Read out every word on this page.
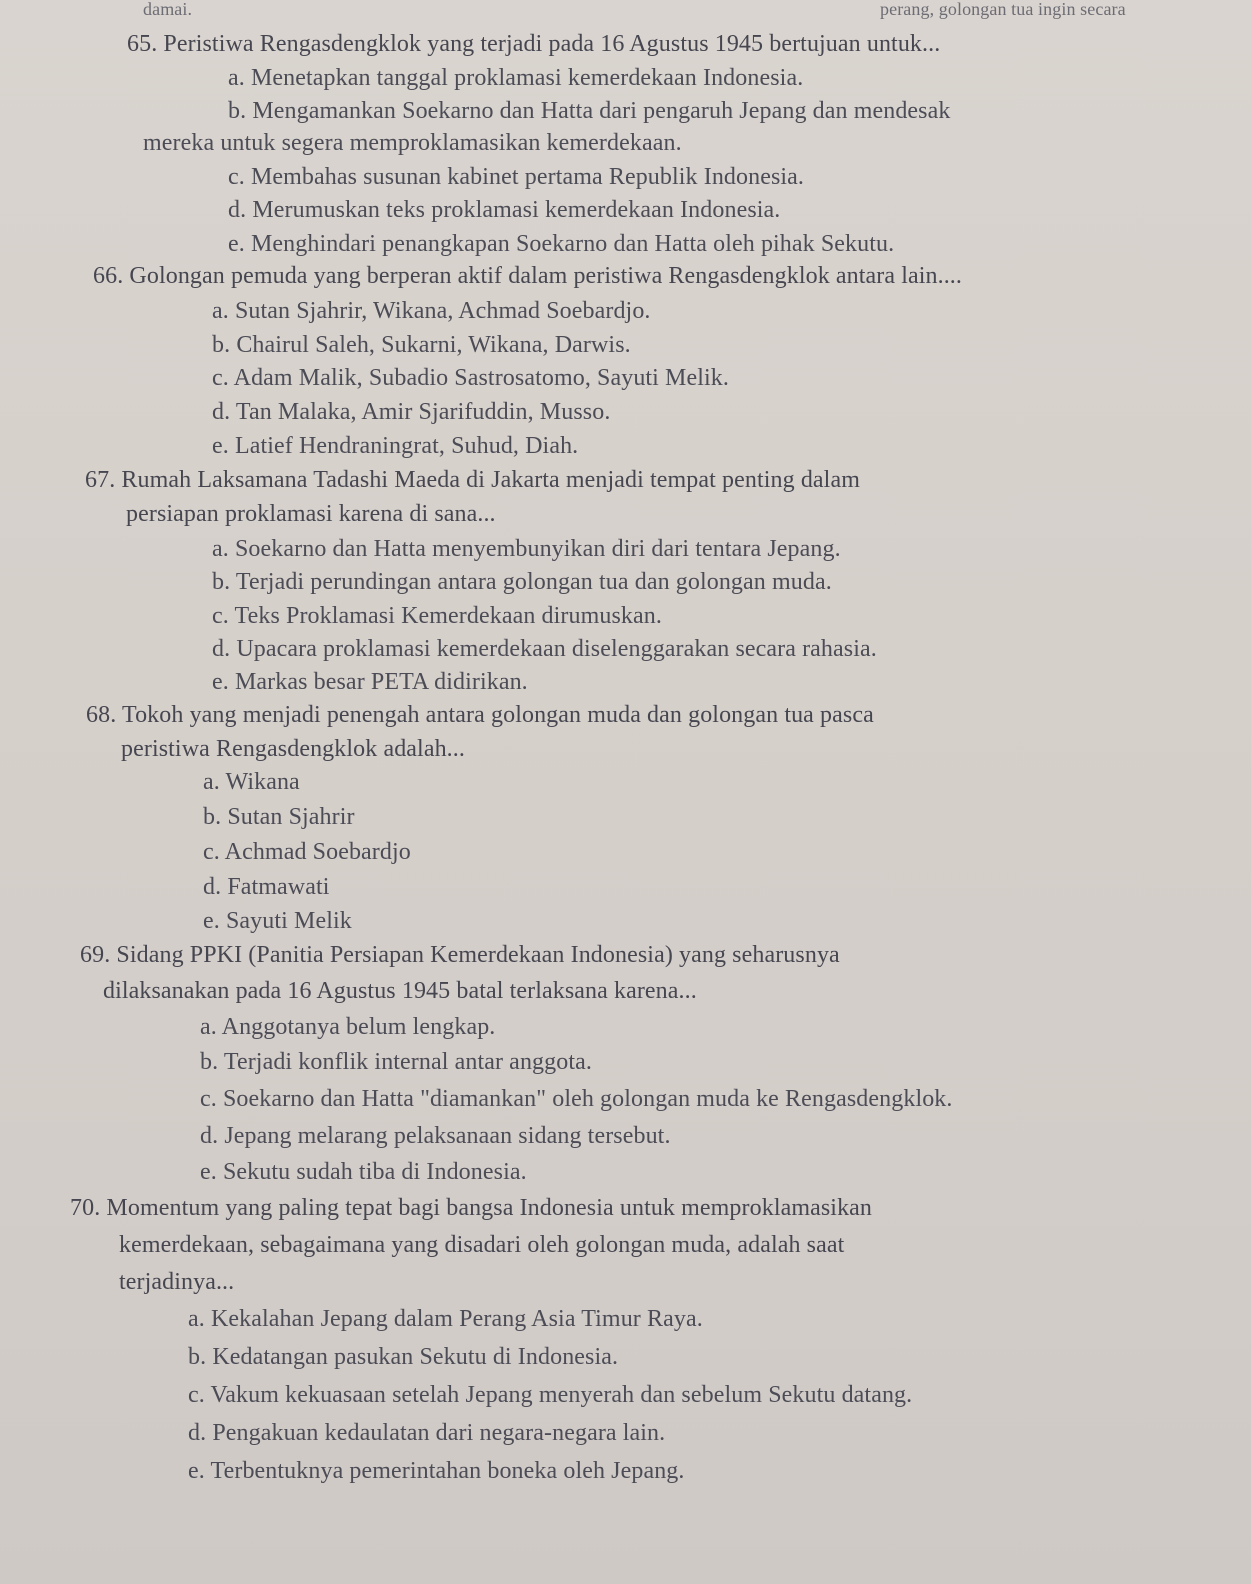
damai.	perang, golongan tua ingin secara
65. Peristiwa Rengasdengklok yang terjadi pada 16 Agustus 1945 bertujuan untuk...
a. Menetapkan tanggal proklamasi kemerdekaan Indonesia.
b. Mengamankan Soekarno dan Hatta dari pengaruh Jepang dan mendesak
mereka untuk segera memproklamasikan kemerdekaan.
c. Membahas susunan kabinet pertama Republik Indonesia.
d. Merumuskan teks proklamasi kemerdekaan Indonesia.
e. Menghindari penangkapan Soekarno dan Hatta oleh pihak Sekutu.
66. Golongan pemuda yang berperan aktif dalam peristiwa Rengasdengklok antara lain....
a. Sutan Sjahrir, Wikana, Achmad Soebardjo.
b. Chairul Saleh, Sukarni, Wikana, Darwis.
c. Adam Malik, Subadio Sastrosatomo, Sayuti Melik.
d. Tan Malaka, Amir Sjarifuddin, Musso.
e. Latief Hendraningrat, Suhud, Diah.
67. Rumah Laksamana Tadashi Maeda di Jakarta menjadi tempat penting dalam
persiapan proklamasi karena di sana...
a. Soekarno dan Hatta menyembunyikan diri dari tentara Jepang.
b. Terjadi perundingan antara golongan tua dan golongan muda.
c. Teks Proklamasi Kemerdekaan dirumuskan.
d. Upacara proklamasi kemerdekaan diselenggarakan secara rahasia.
e. Markas besar PETA didirikan.
68. Tokoh yang menjadi penengah antara golongan muda dan golongan tua pasca
peristiwa Rengasdengklok adalah...
a. Wikana
b. Sutan Sjahrir
c. Achmad Soebardjo
d. Fatmawati
e. Sayuti Melik
69. Sidang PPKI (Panitia Persiapan Kemerdekaan Indonesia) yang seharusnya
dilaksanakan pada 16 Agustus 1945 batal terlaksana karena...
a. Anggotanya belum lengkap.
b. Terjadi konflik internal antar anggota.
c. Soekarno dan Hatta "diamankan" oleh golongan muda ke Rengasdengklok.
d. Jepang melarang pelaksanaan sidang tersebut.
e. Sekutu sudah tiba di Indonesia.
70. Momentum yang paling tepat bagi bangsa Indonesia untuk memproklamasikan
kemerdekaan, sebagaimana yang disadari oleh golongan muda, adalah saat
terjadinya...
a. Kekalahan Jepang dalam Perang Asia Timur Raya.
b. Kedatangan pasukan Sekutu di Indonesia.
c. Vakum kekuasaan setelah Jepang menyerah dan sebelum Sekutu datang.
d. Pengakuan kedaulatan dari negara-negara lain.
e. Terbentuknya pemerintahan boneka oleh Jepang.
